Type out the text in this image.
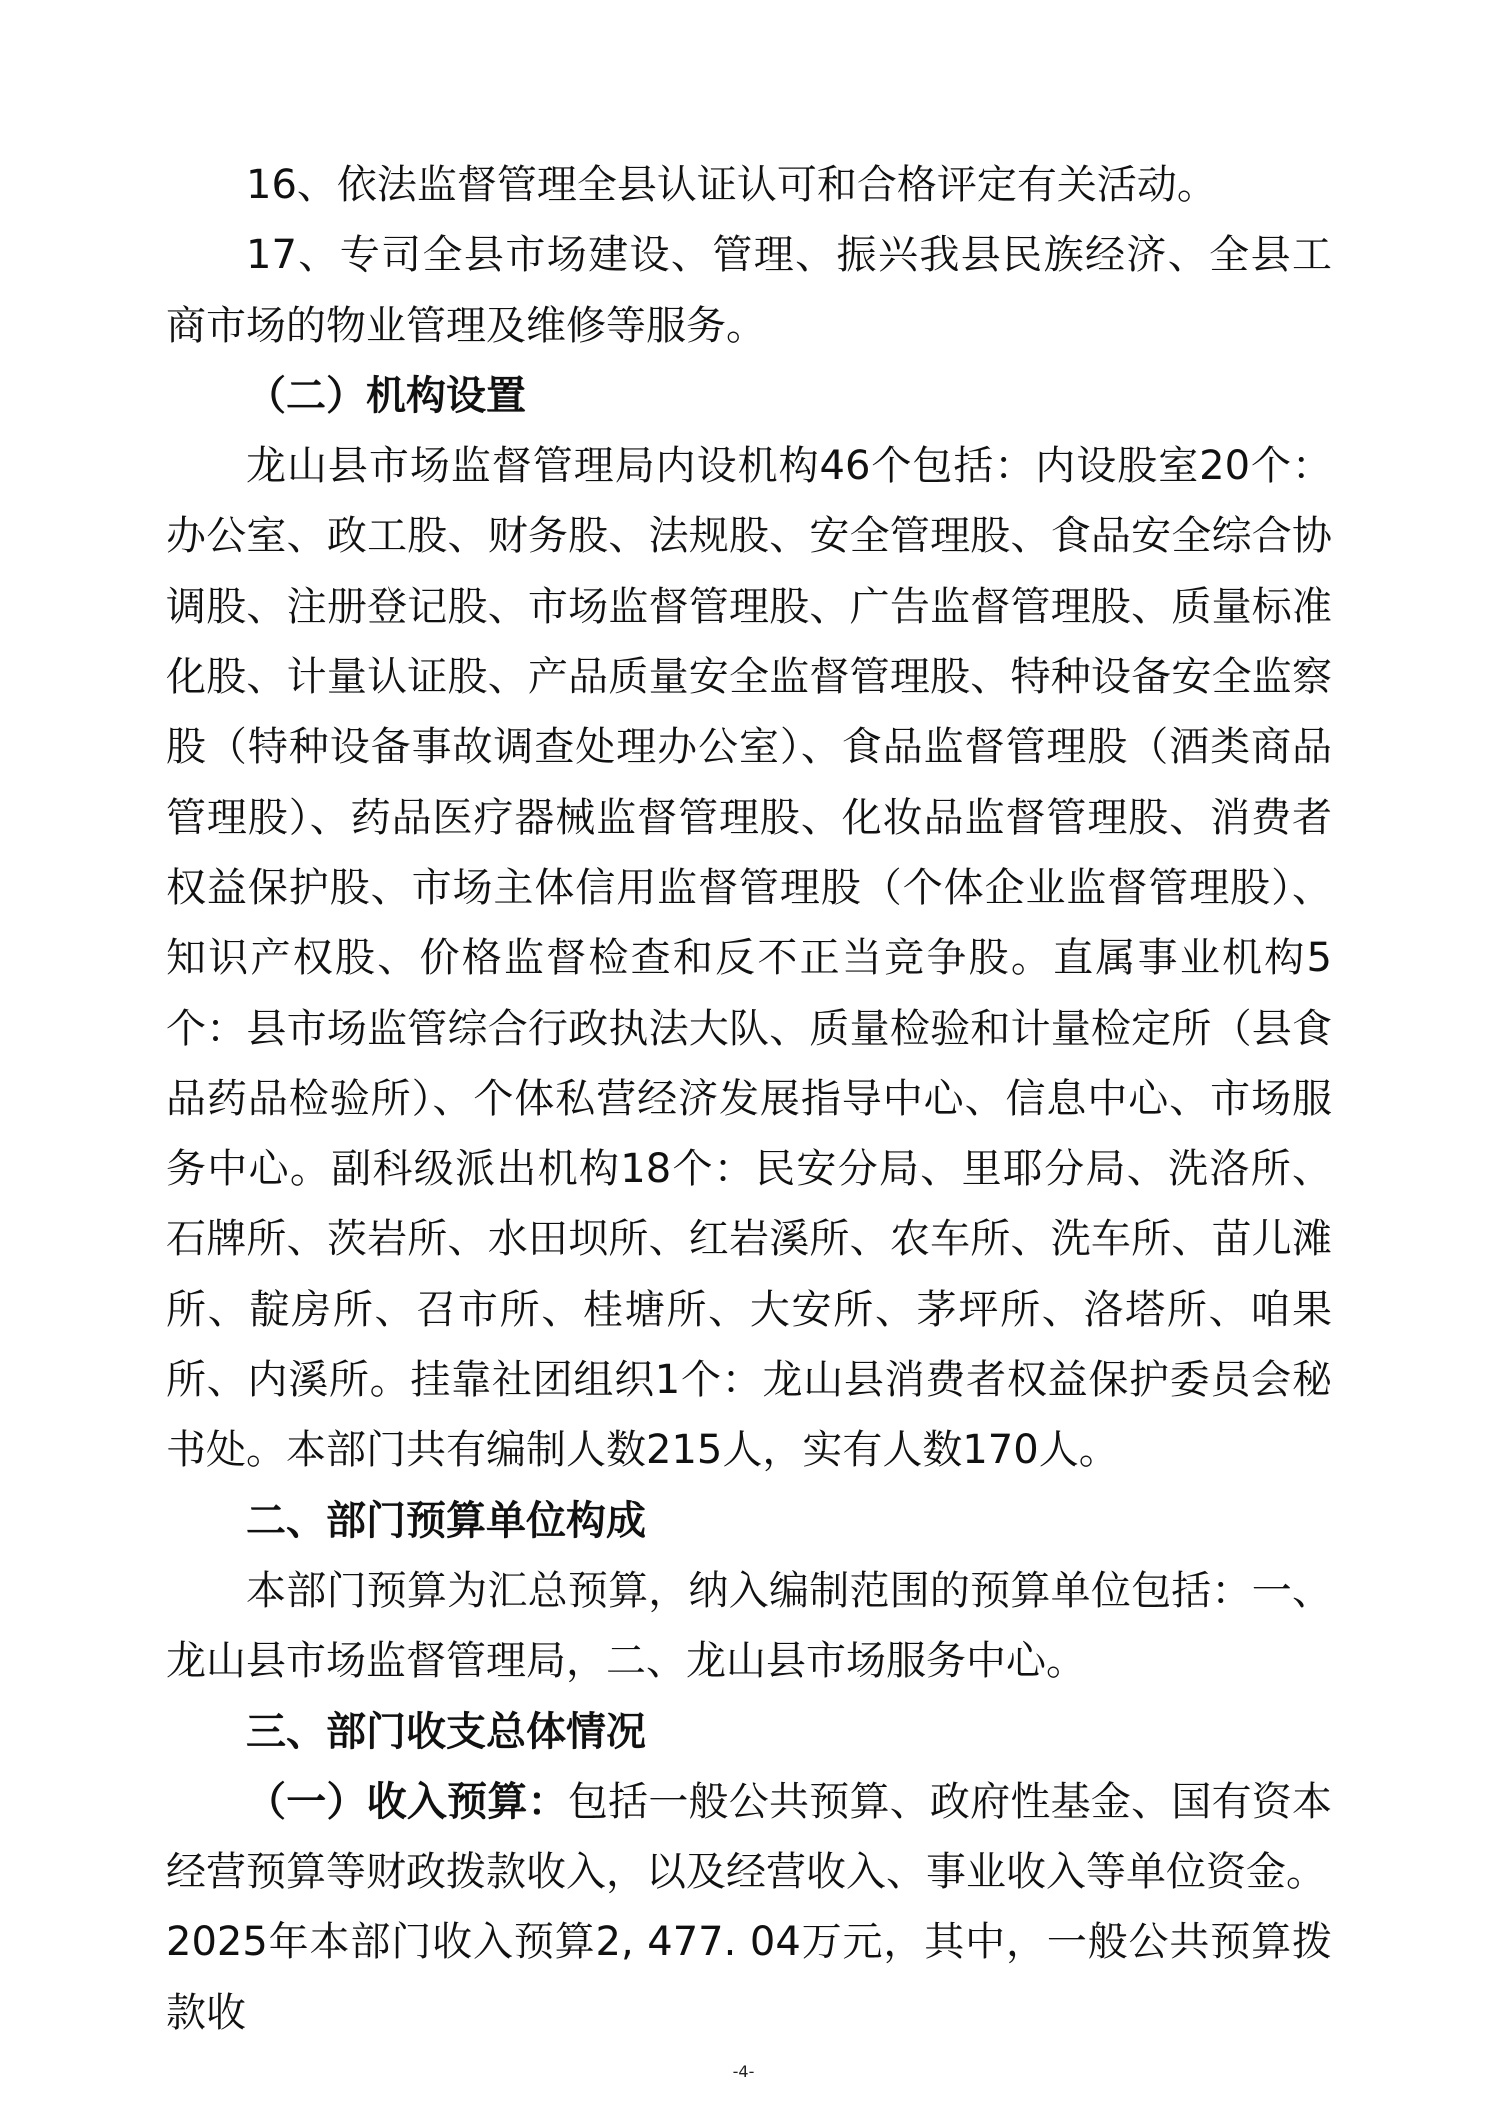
16、依法监督管理全县认证认可和合格评定有关活动。

17、专司全县市场建设、管理、振兴我县民族经济、全县工商市场的物业管理及维修等服务。

（二）机构设置

龙山县市场监督管理局内设机构46个包括：内设股室20个：办公室、政工股、财务股、法规股、安全管理股、食品安全综合协调股、注册登记股、市场监督管理股、广告监督管理股、质量标准化股、计量认证股、产品质量安全监督管理股、特种设备安全监察股（特种设备事故调查处理办公室）、食品监督管理股（酒类商品管理股）、药品医疗器械监督管理股、化妆品监督管理股、消费者权益保护股、市场主体信用监督管理股（个体企业监督管理股）、知识产权股、价格监督检查和反不正当竞争股。直属事业机构5个：县市场监管综合行政执法大队、质量检验和计量检定所（县食品药品检验所）、个体私营经济发展指导中心、信息中心、市场服务中心。副科级派出机构18个：民安分局、里耶分局、洗洛所、石牌所、茨岩所、水田坝所、红岩溪所、农车所、洗车所、苗儿滩所、靛房所、召市所、桂塘所、大安所、茅坪所、洛塔所、咱果所、内溪所。挂靠社团组织1个：龙山县消费者权益保护委员会秘书处。本部门共有编制人数215人，实有人数170人。

二、部门预算单位构成

本部门预算为汇总预算，纳入编制范围的预算单位包括：一、龙山县市场监督管理局，二、龙山县市场服务中心。

三、部门收支总体情况

（一）收入预算：包括一般公共预算、政府性基金、国有资本经营预算等财政拨款收入，以及经营收入、事业收入等单位资金。
2025年本部门收入预算2, 477. 04万元，其中，一般公共预算拨款收

-4-
